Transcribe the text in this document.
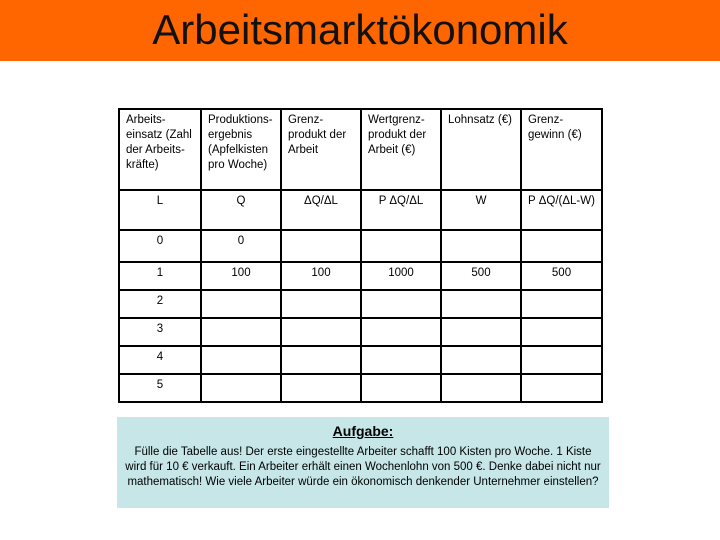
Arbeitsmarktökonomik
Arbeits-einsatz (Zahl der Arbeits-kräfte)	Produktions-ergebnis (Apfelkisten pro Woche)	Grenz-produkt der Arbeit	Wertgrenz-produkt der Arbeit (€)	Lohnsatz (€)	Grenz-gewinn (€)
L	Q	ΔQ/ΔL	P ΔQ/ΔL	W	P ΔQ/(ΔL-W)
0	0				
1	100	100	1000	500	500
2					
3					
4					
5					
Aufgabe:
Fülle die Tabelle aus! Der erste eingestellte Arbeiter schafft 100 Kisten pro Woche. 1 Kiste wird für 10 € verkauft. Ein Arbeiter erhält einen Wochenlohn von 500 €. Denke dabei nicht nur mathematisch! Wie viele Arbeiter würde ein ökonomisch denkender Unternehmer einstellen?
